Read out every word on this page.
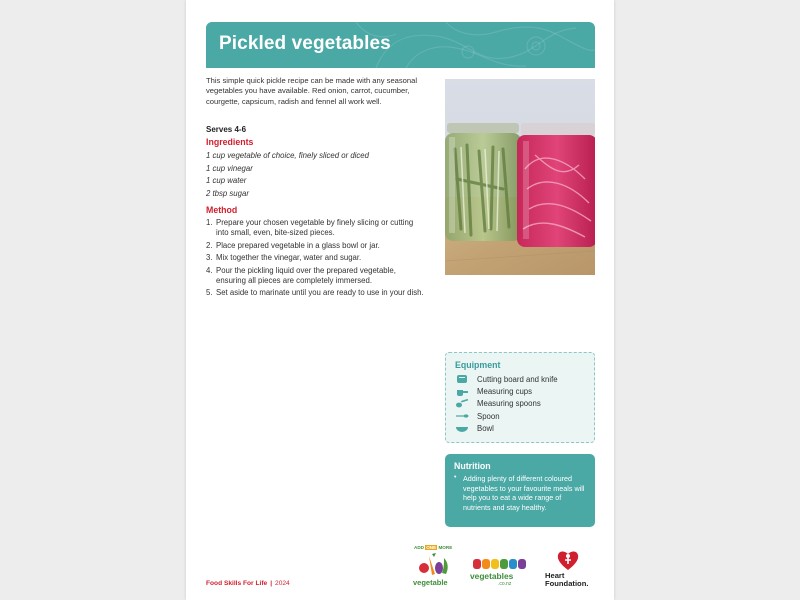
Pickled vegetables

This simple quick pickle recipe can be made with any seasonal vegetables you have available. Red onion, carrot, cucumber, courgette, capsicum, radish and fennel all work well.

Serves 4-6
Ingredients
1 cup vegetable of choice, finely sliced or diced
1 cup vinegar
1 cup water
2 tbsp sugar
Method
1. Prepare your chosen vegetable by finely slicing or cutting into small, even, bite-sized pieces.
2. Place prepared vegetable in a glass bowl or jar.
3. Mix together the vinegar, water and sugar.
4. Pour the pickling liquid over the prepared vegetable, ensuring all pieces are completely immersed.
5. Set aside to marinate until you are ready to use in your dish.
Equipment
Cutting board and knife
Measuring cups
Measuring spoons
Spoon
Bowl
Nutrition
• Adding plenty of different coloured vegetables to your favourite meals will help you to eat a wide range of nutrients and stay healthy.

Food Skills For Life | 2024
ADD ONE MORE
vegetable
vegetables
.co.nz
Heart
Foundation.
